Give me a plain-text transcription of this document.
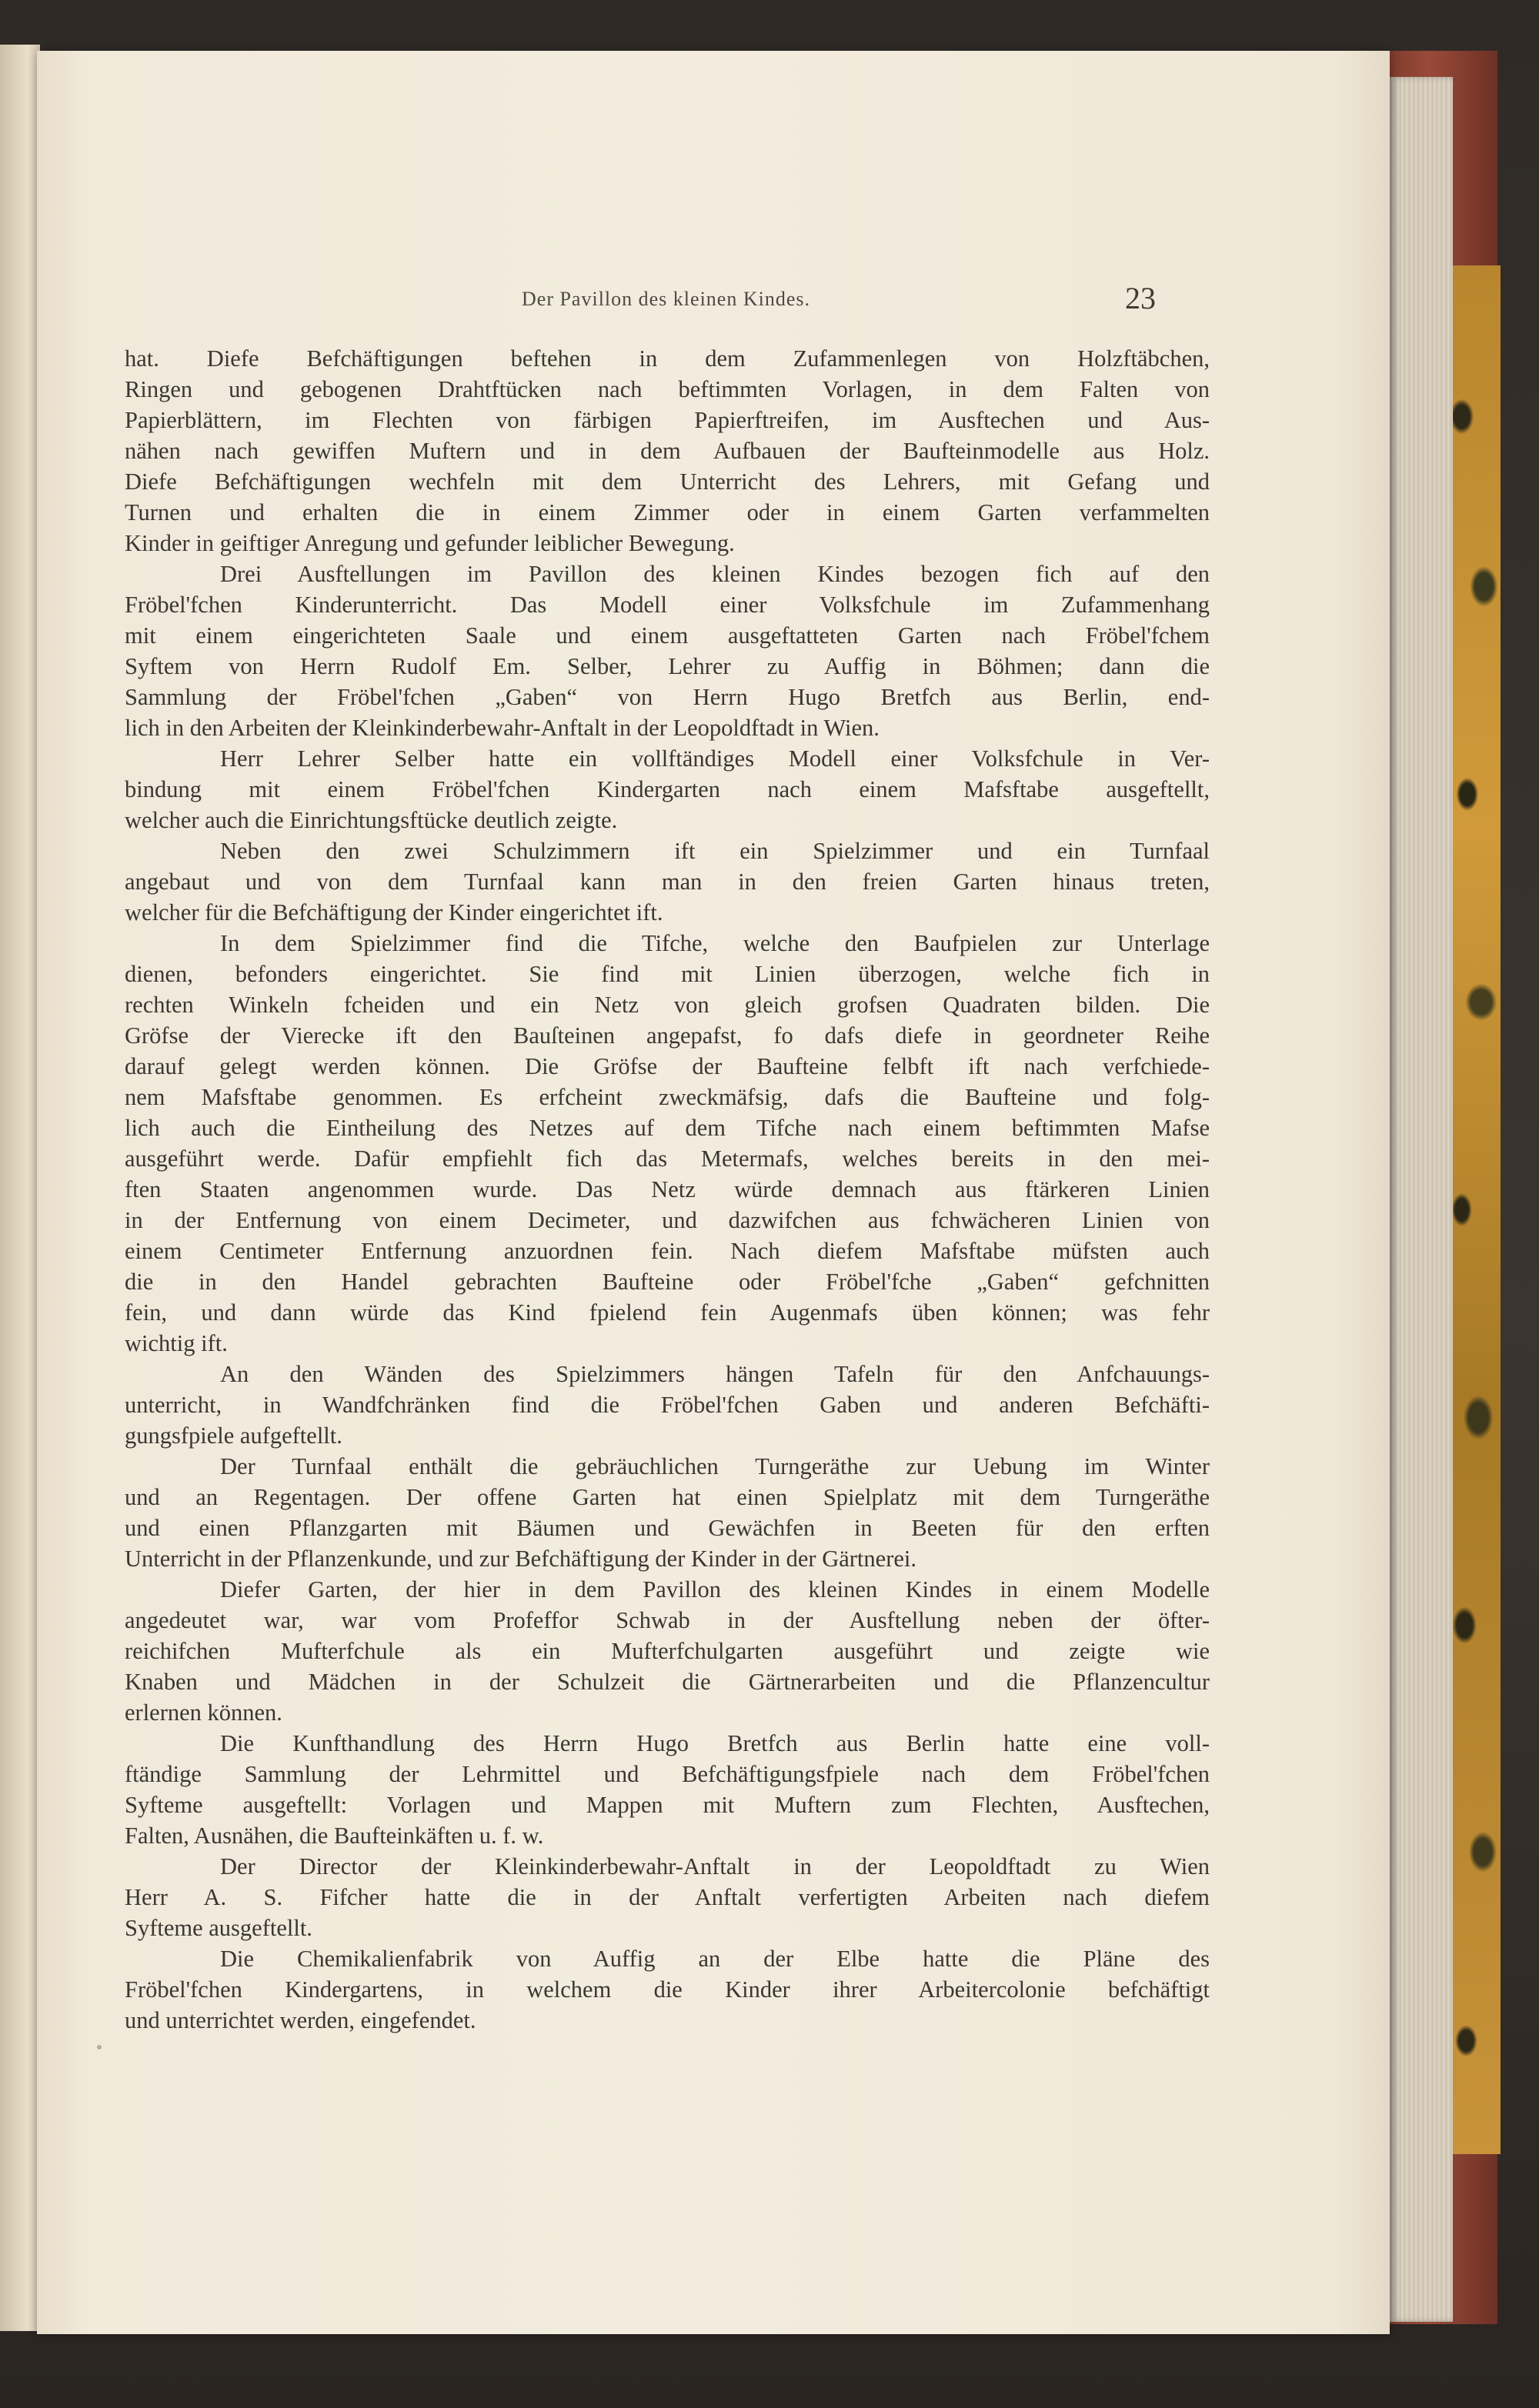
Der Pavillon des kleinen Kindes.	23
hat. Diefe Befchäftigungen beftehen in dem Zufammenlegen von Holzftäbchen,
Ringen und gebogenen Drahtftücken nach beftimmten Vorlagen, in dem Falten von
Papierblättern, im Flechten von färbigen Papierftreifen, im Ausftechen und Aus-
nähen nach gewiffen Muftern und in dem Aufbauen der Baufteinmodelle aus Holz.
Diefe Befchäftigungen wechfeln mit dem Unterricht des Lehrers, mit Gefang und
Turnen und erhalten die in einem Zimmer oder in einem Garten verfammelten
Kinder in geiftiger Anregung und gefunder leiblicher Bewegung.
Drei Ausftellungen im Pavillon des kleinen Kindes bezogen fich auf den
Fröbel'fchen Kinderunterricht. Das Modell einer Volksfchule im Zufammenhang
mit einem eingerichteten Saale und einem ausgeftatteten Garten nach Fröbel'fchem
Syftem von Herrn Rudolf Em. Selber, Lehrer zu Auffig in Böhmen; dann die
Sammlung der Fröbel'fchen „Gaben“ von Herrn Hugo Bretfch aus Berlin, end-
lich in den Arbeiten der Kleinkinderbewahr-Anftalt in der Leopoldftadt in Wien.
Herr Lehrer Selber hatte ein vollftändiges Modell einer Volksfchule in Ver-
bindung mit einem Fröbel'fchen Kindergarten nach einem Mafsftabe ausgeftellt,
welcher auch die Einrichtungsftücke deutlich zeigte.
Neben den zwei Schulzimmern ift ein Spielzimmer und ein Turnfaal
angebaut und von dem Turnfaal kann man in den freien Garten hinaus treten,
welcher für die Befchäftigung der Kinder eingerichtet ift.
In dem Spielzimmer find die Tifche, welche den Baufpielen zur Unterlage
dienen, befonders eingerichtet. Sie find mit Linien überzogen, welche fich in
rechten Winkeln fcheiden und ein Netz von gleich grofsen Quadraten bilden. Die
Gröfse der Vierecke ift den Bauſteinen angepafst, fo dafs diefe in geordneter Reihe
darauf gelegt werden können. Die Gröfse der Baufteine felbft ift nach verfchiede-
nem Mafsftabe genommen. Es erfcheint zweckmäfsig, dafs die Baufteine und folg-
lich auch die Eintheilung des Netzes auf dem Tifche nach einem beftimmten Mafse
ausgeführt werde. Dafür empfiehlt fich das Metermafs, welches bereits in den mei-
ften Staaten angenommen wurde. Das Netz würde demnach aus ftärkeren Linien
in der Entfernung von einem Decimeter, und dazwifchen aus fchwächeren Linien von
einem Centimeter Entfernung anzuordnen fein. Nach diefem Mafsftabe müfsten auch
die in den Handel gebrachten Baufteine oder Fröbel'fche „Gaben“ gefchnitten
fein, und dann würde das Kind fpielend fein Augenmafs üben können; was fehr
wichtig ift.
An den Wänden des Spielzimmers hängen Tafeln für den Anfchauungs-
unterricht, in Wandfchränken find die Fröbel'fchen Gaben und anderen Befchäfti-
gungsfpiele aufgeftellt.
Der Turnfaal enthält die gebräuchlichen Turngeräthe zur Uebung im Winter
und an Regentagen. Der offene Garten hat einen Spielplatz mit dem Turngeräthe
und einen Pflanzgarten mit Bäumen und Gewächfen in Beeten für den erften
Unterricht in der Pflanzenkunde, und zur Befchäftigung der Kinder in der Gärtnerei.
Diefer Garten, der hier in dem Pavillon des kleinen Kindes in einem Modelle
angedeutet war, war vom Profeffor Schwab in der Ausftellung neben der öfter-
reichifchen Mufterfchule als ein Mufterfchulgarten ausgeführt und zeigte wie
Knaben und Mädchen in der Schulzeit die Gärtnerarbeiten und die Pflanzencultur
erlernen können.
Die Kunfthandlung des Herrn Hugo Bretfch aus Berlin hatte eine voll-
ftändige Sammlung der Lehrmittel und Befchäftigungsfpiele nach dem Fröbel'fchen
Syfteme ausgeftellt: Vorlagen und Mappen mit Muftern zum Flechten, Ausftechen,
Falten, Ausnähen, die Baufteinkäften u. f. w.
Der Director der Kleinkinderbewahr-Anftalt in der Leopoldftadt zu Wien
Herr A. S. Fifcher hatte die in der Anftalt verfertigten Arbeiten nach diefem
Syfteme ausgeftellt.
Die Chemikalienfabrik von Auffig an der Elbe hatte die Pläne des
Fröbel'fchen Kindergartens, in welchem die Kinder ihrer Arbeitercolonie befchäftigt
und unterrichtet werden, eingefendet.
